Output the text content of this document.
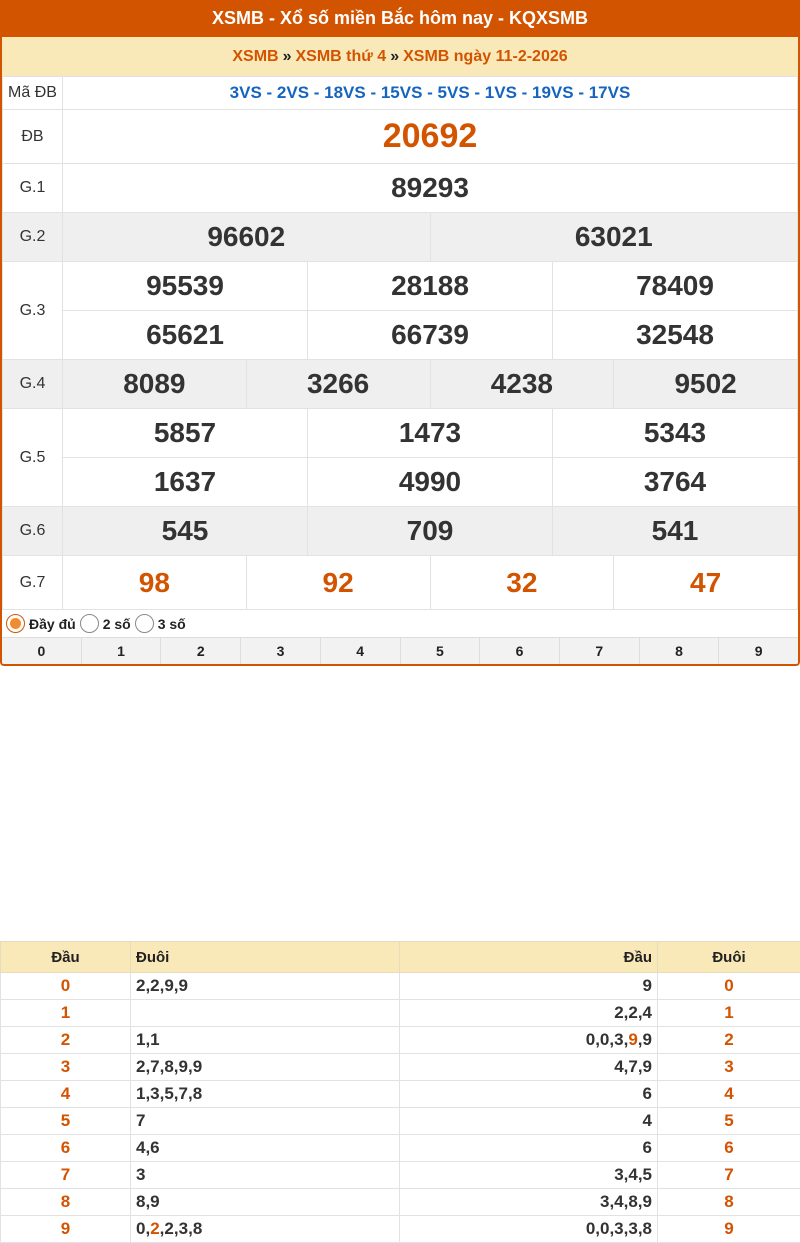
XSMB - Xổ số miền Bắc hôm nay - KQXSMB
XSMB » XSMB thứ 4 » XSMB ngày 11-2-2026
Mã ĐB	3VS - 2VS - 18VS - 15VS - 5VS - 1VS - 19VS - 17VS					
ĐB	20692					
G.1	89293					
G.2	96602			63021		
G.3	95539		28188		78409	
	65621		66739		32548	
G.4	8089	3266		4238		9502
G.5	5857		1473		5343	
	1637		4990		3764	
G.6	545		709		541	
G.7	98	92		32		47
Đầy đủ 2 số 3 số
0	1	2	3	4	5	6	7	8	9
Đầu	Đuôi	Đầu	Đuôi
0	2,2,9,9	9	0
1		2,2,4	1
2	1,1	0,0,3,9,9	2
3	2,7,8,9,9	4,7,9	3
4	1,3,5,7,8	6	4
5	7	4	5
6	4,6	6	6
7	3	3,4,5	7
8	8,9	3,4,8,9	8
9	0,2,2,3,8	0,0,3,3,8	9
